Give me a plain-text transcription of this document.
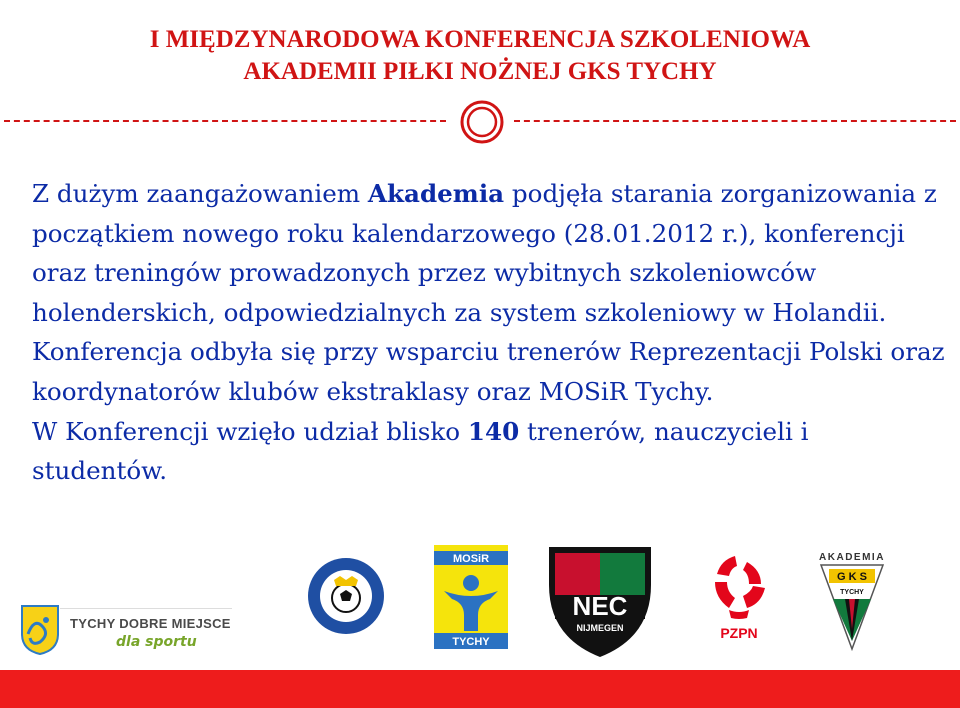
I MIĘDZYNARODOWA KONFERENCJA SZKOLENIOWA
AKADEMII PIŁKI NOŻNEJ GKS TYCHY

Z dużym zaangażowaniem Akademia podjęła starania zorganizowania z początkiem nowego roku kalendarzowego (28.01.2012 r.), konferencji oraz treningów prowadzonych przez wybitnych szkoleniowców holenderskich, odpowiedzialnych za system szkoleniowy w Holandii.

Konferencja odbyła się przy wsparciu trenerów Reprezentacji Polski oraz koordynatorów klubów ekstraklasy oraz MOSiR Tychy.

W Konferencji wzięło udział blisko 140 trenerów, nauczycieli i studentów.

TYCHY DOBRE MIEJSCE
dla sportu
MOSiR
TYCHY
NEC
NIJMEGEN	PZPN
AKADEMIA
G K S
TYCHY
